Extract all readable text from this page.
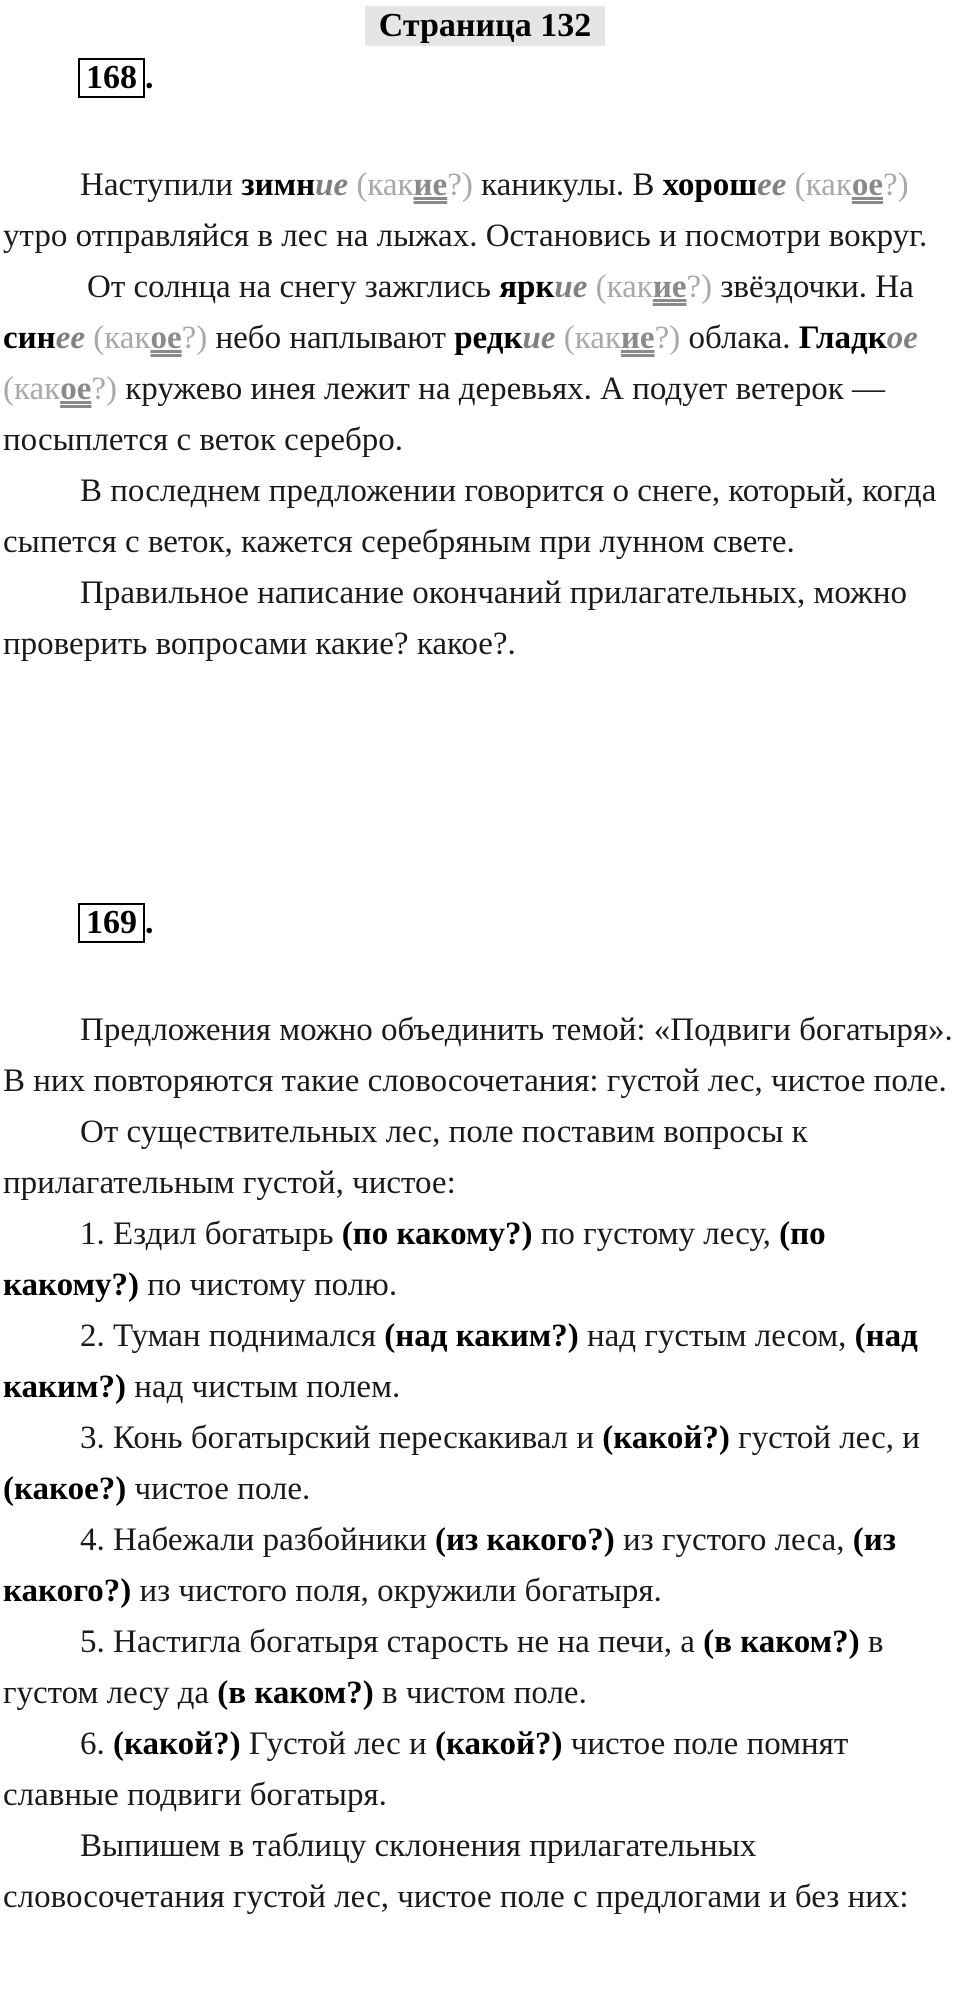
Страница 132
168 .

Наступили зимние (какие?) каникулы. В хорошее (какое?) утро отправляйся в лес на лыжах. Остановись и посмотри вокруг.

От солнца на снегу зажглись яркие (какие?) звёздочки. На синее (какое?) небо наплывают редкие (какие?) облака. Гладкое (какое?) кружево инея лежит на деревьях. А подует ветерок — посыплется с веток серебро.

В последнем предложении говорится о снеге, который, когда сыпется с веток, кажется серебряным при лунном свете.

Правильное написание окончаний прилагательных, можно проверить вопросами какие? какое?.

169 .

Предложения можно объединить темой: «Подвиги богатыря». В них повторяются такие словосочетания: густой лес, чистое поле.

От существительных лес, поле поставим вопросы к прилагательным густой, чистое:

1. Ездил богатырь (по какому?) по густому лесу, (по какому?) по чистому полю.

2. Туман поднимался (над каким?) над густым лесом, (над каким?) над чистым полем.

3. Конь богатырский перескакивал и (какой?) густой лес, и (какое?) чистое поле.

4. Набежали разбойники (из какого?) из густого леса, (из какого?) из чистого поля, окружили богатыря.

5. Настигла богатыря старость не на печи, а (в каком?) в густом лесу да (в каком?) в чистом поле.

6. (какой?) Густой лес и (какой?) чистое поле помнят славные подвиги богатыря.

Выпишем в таблицу склонения прилагательных словосочетания густой лес, чистое поле с предлогами и без них:
